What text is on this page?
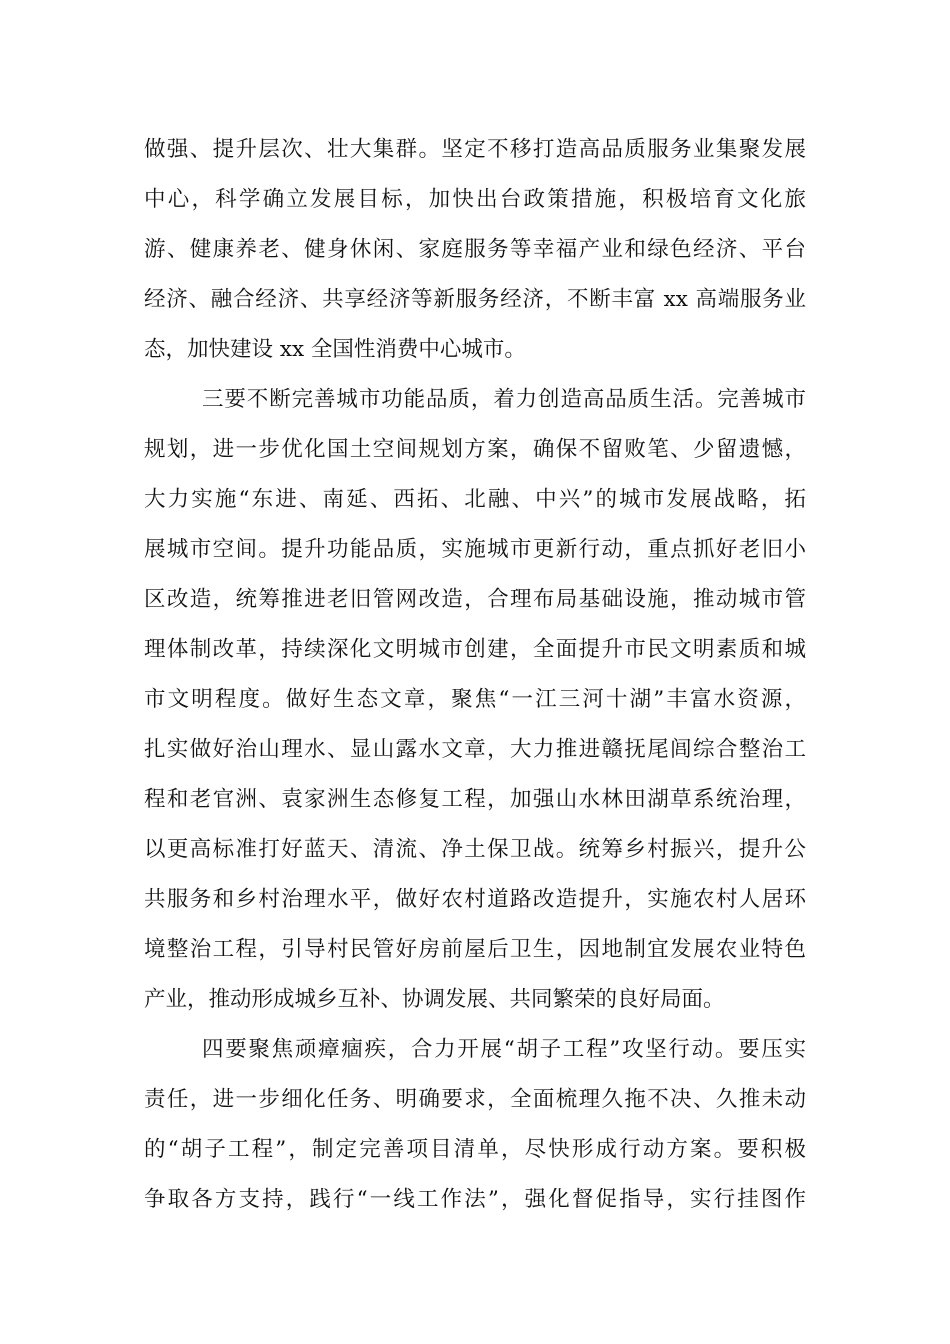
做强、提升层次、壮大集群。坚定不移打造高品质服务业集聚发展
中心，科学确立发展目标，加快出台政策措施，积极培育文化旅
游、健康养老、健身休闲、家庭服务等幸福产业和绿色经济、平台
经济、融合经济、共享经济等新服务经济，不断丰富 xx 高端服务业
态，加快建设 xx 全国性消费中心城市。
三要不断完善城市功能品质，着力创造高品质生活。完善城市
规划，进一步优化国土空间规划方案，确保不留败笔、少留遗憾，
大力实施“东进、南延、西拓、北融、中兴”的城市发展战略，拓
展城市空间。提升功能品质，实施城市更新行动，重点抓好老旧小
区改造，统筹推进老旧管网改造，合理布局基础设施，推动城市管
理体制改革，持续深化文明城市创建，全面提升市民文明素质和城
市文明程度。做好生态文章，聚焦“一江三河十湖”丰富水资源，
扎实做好治山理水、显山露水文章，大力推进赣抚尾闾综合整治工
程和老官洲、袁家洲生态修复工程，加强山水林田湖草系统治理，
以更高标准打好蓝天、清流、净土保卫战。统筹乡村振兴，提升公
共服务和乡村治理水平，做好农村道路改造提升，实施农村人居环
境整治工程，引导村民管好房前屋后卫生，因地制宜发展农业特色
产业，推动形成城乡互补、协调发展、共同繁荣的良好局面。
四要聚焦顽瘴痼疾，合力开展“胡子工程”攻坚行动。要压实
责任，进一步细化任务、明确要求，全面梳理久拖不决、久推未动
的“胡子工程”，制定完善项目清单，尽快形成行动方案。要积极
争取各方支持，践行“一线工作法”，强化督促指导，实行挂图作
